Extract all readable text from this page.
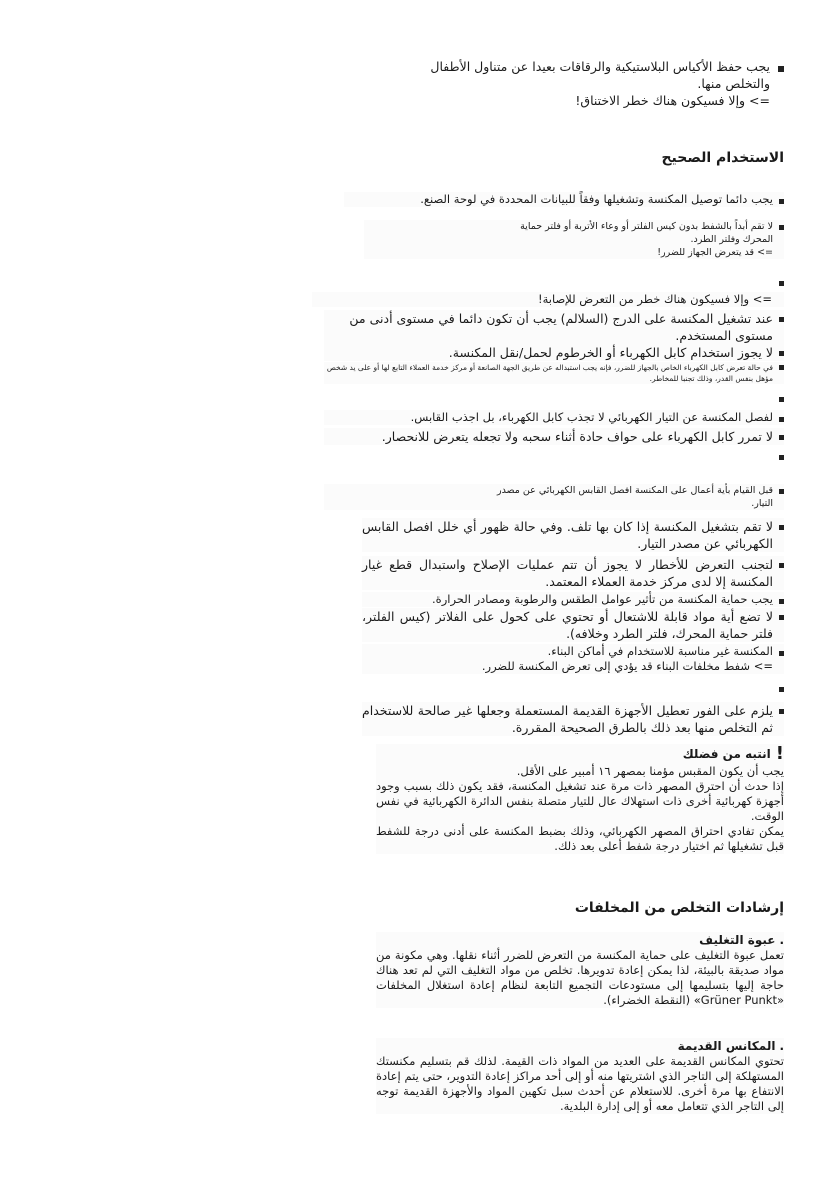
يجب حفظ الأكياس البلاستيكية والرقاقات بعيدا عن متناول الأطفال والتخلص منها.
=> وإلا فسيكون هناك خطر الاختناق!
الاستخدام الصحيح
يجب دائما توصيل المكنسة وتشغيلها وفقاً للبيانات المحددة في لوحة الصنع.
لا تقم أبداً بالشفط بدون كيس الفلتر أو وعاء الأتربة أو فلتر حماية المحرك وفلتر الطرد.
=> قد يتعرض الجهاز للضرر!
=> وإلا فسيكون هناك خطر من التعرض للإصابة!
عند تشغيل المكنسة على الدرج (السلالم) يجب أن تكون دائما في مستوى أدنى من مستوى المستخدم.
لا يجوز استخدام كابل الكهرباء أو الخرطوم لحمل/نقل المكنسة.
في حالة تعرض كابل الكهرباء الخاص بالجهاز للضرر، فإنه يجب استبداله عن طريق الجهة الصانعة أو مركز خدمة العملاء التابع لها أو على يد شخص مؤهل بنفس القدر، وذلك تجنبا للمخاطر.
لفصل المكنسة عن التيار الكهربائي لا تجذب كابل الكهرباء، بل اجذب القابس.
لا تمرر كابل الكهرباء على حواف حادة أثناء سحبه ولا تجعله يتعرض للانحصار.
قبل القيام بأية أعمال على المكنسة افصل القابس الكهربائي عن مصدر التيار.
لا تقم بتشغيل المكنسة إذا كان بها تلف. وفي حالة ظهور أي خلل افصل القابس الكهربائي عن مصدر التيار.
لتجنب التعرض للأخطار لا يجوز أن تتم عمليات الإصلاح واستبدال قطع غيار المكنسة إلا لدى مركز خدمة العملاء المعتمد.
يجب حماية المكنسة من تأثير عوامل الطقس والرطوبة ومصادر الحرارة.
لا تضع أية مواد قابلة للاشتعال أو تحتوي على كحول على الفلاتر (كيس الفلتر، فلتر حماية المحرك، فلتر الطرد وخلافه).
المكنسة غير مناسبة للاستخدام في أماكن البناء.
=> شفط مخلفات البناء قد يؤدي إلى تعرض المكنسة للضرر.
يلزم على الفور تعطيل الأجهزة القديمة المستعملة وجعلها غير صالحة للاستخدام ثم التخلص منها بعد ذلك بالطرق الصحيحة المقررة.
!
انتبه من فضلك
يجب أن يكون المقبس مؤمنا بمصهر ١٦ أمبير على الأقل.
إذا حدث أن احترق المصهر ذات مرة عند تشغيل المكنسة، فقد يكون ذلك بسبب وجود أجهزة كهربائية أخرى ذات استهلاك عال للتيار متصلة بنفس الدائرة الكهربائية في نفس الوقت.
يمكن تفادي احتراق المصهر الكهربائي، وذلك بضبط المكنسة على أدنى درجة للشفط قبل تشغيلها ثم اختيار درجة شفط أعلى بعد ذلك.
إرشادات التخلص من المخلفات
.عبوة التغليف
تعمل عبوة التغليف على حماية المكنسة من التعرض للضرر أثناء نقلها. وهي مكونة من مواد صديقة بالبيئة، لذا يمكن إعادة تدويرها. تخلص من مواد التغليف التي لم تعد هناك حاجة إليها بتسليمها إلى مستودعات التجميع التابعة لنظام إعادة استغلال المخلفات «Grüner Punkt» (النقطة الخضراء).
.المكانس القديمة
تحتوي المكانس القديمة على العديد من المواد ذات القيمة. لذلك قم بتسليم مكنستك المستهلكة إلى التاجر الذي اشتريتها منه أو إلى أحد مراكز إعادة التدوير، حتى يتم إعادة الانتفاع بها مرة أخرى. للاستعلام عن أحدث سبل تكهين المواد والأجهزة القديمة توجه إلى التاجر الذي تتعامل معه أو إلى إدارة البلدية.
